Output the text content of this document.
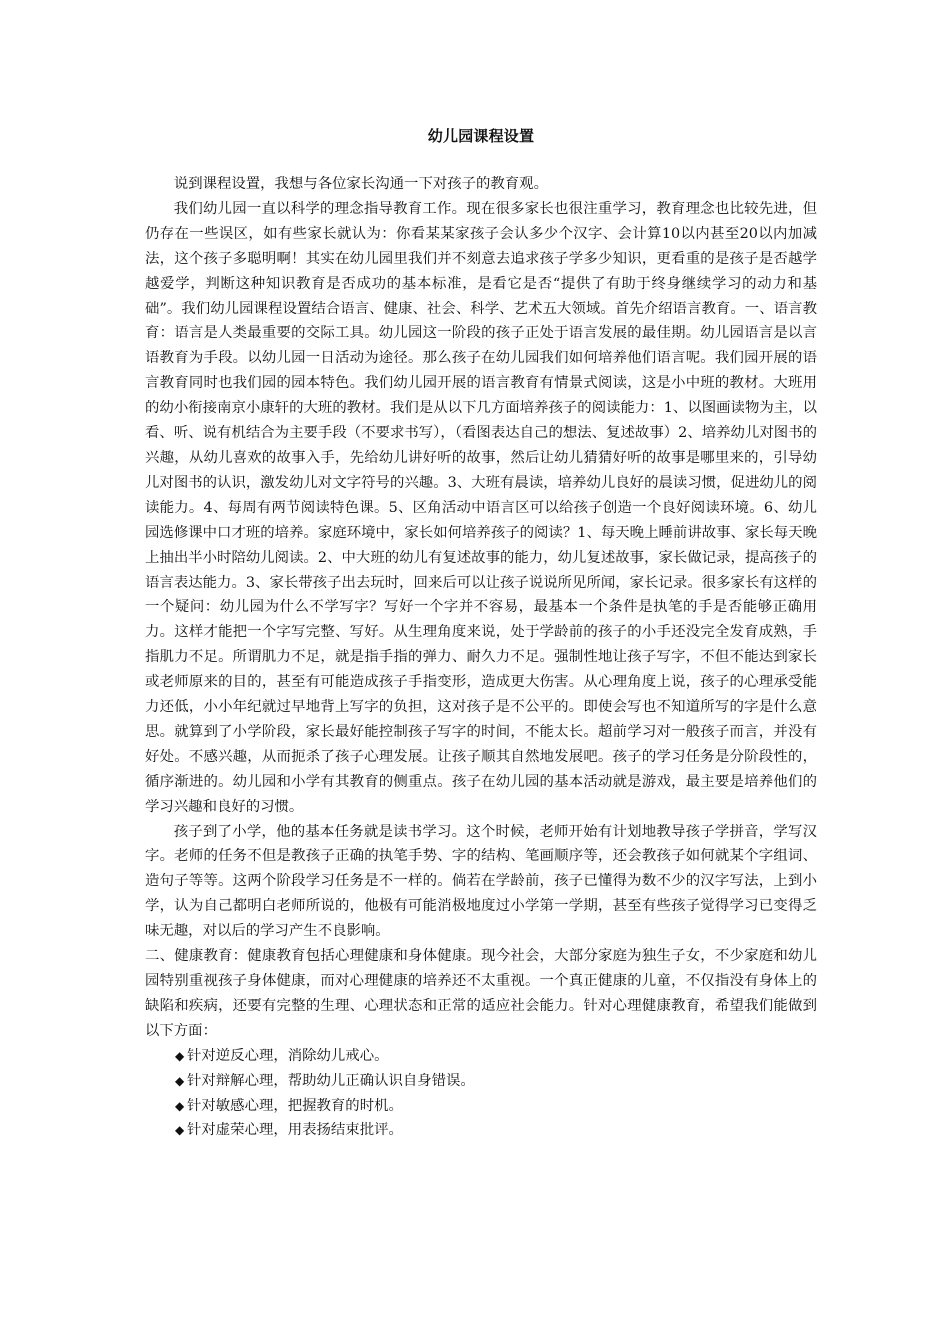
幼儿园课程设置

说到课程设置，我想与各位家长沟通一下对孩子的教育观。

我们幼儿园一直以科学的理念指导教育工作。现在很多家长也很注重学习，教育理念也比较先进，但仍存在一些误区，如有些家长就认为：你看某某家孩子会认多少个汉字、会计算10以内甚至20以内加减法，这个孩子多聪明啊！其实在幼儿园里我们并不刻意去追求孩子学多少知识，更看重的是孩子是否越学越爱学，判断这种知识教育是否成功的基本标准，是看它是否“提供了有助于终身继续学习的动力和基础”。我们幼儿园课程设置结合语言、健康、社会、科学、艺术五大领域。首先介绍语言教育。一、语言教育：语言是人类最重要的交际工具。幼儿园这一阶段的孩子正处于语言发展的最佳期。幼儿园语言是以言语教育为手段。以幼儿园一日活动为途径。那么孩子在幼儿园我们如何培养他们语言呢。我们园开展的语言教育同时也我们园的园本特色。我们幼儿园开展的语言教育有情景式阅读，这是小中班的教材。大班用的幼小衔接南京小康轩的大班的教材。我们是从以下几方面培养孩子的阅读能力：1、以图画读物为主，以看、听、说有机结合为主要手段（不要求书写），（看图表达自己的想法、复述故事）2、培养幼儿对图书的兴趣，从幼儿喜欢的故事入手，先给幼儿讲好听的故事，然后让幼儿猜猜好听的故事是哪里来的，引导幼儿对图书的认识，激发幼儿对文字符号的兴趣。3、大班有晨读，培养幼儿良好的晨读习惯，促进幼儿的阅读能力。4、每周有两节阅读特色课。5、区角活动中语言区可以给孩子创造一个良好阅读环境。6、幼儿园选修课中口才班的培养。家庭环境中，家长如何培养孩子的阅读？1、每天晚上睡前讲故事、家长每天晚上抽出半小时陪幼儿阅读。2、中大班的幼儿有复述故事的能力，幼儿复述故事，家长做记录，提高孩子的语言表达能力。3、家长带孩子出去玩时，回来后可以让孩子说说所见所闻，家长记录。很多家长有这样的一个疑问：幼儿园为什么不学写字？写好一个字并不容易，最基本一个条件是执笔的手是否能够正确用力。这样才能把一个字写完整、写好。从生理角度来说，处于学龄前的孩子的小手还没完全发育成熟，手指肌力不足。所谓肌力不足，就是指手指的弹力、耐久力不足。强制性地让孩子写字，不但不能达到家长或老师原来的目的，甚至有可能造成孩子手指变形，造成更大伤害。从心理角度上说，孩子的心理承受能力还低，小小年纪就过早地背上写字的负担，这对孩子是不公平的。即使会写也不知道所写的字是什么意思。就算到了小学阶段，家长最好能控制孩子写字的时间，不能太长。超前学习对一般孩子而言，并没有好处。不感兴趣，从而扼杀了孩子心理发展。让孩子顺其自然地发展吧。孩子的学习任务是分阶段性的，循序渐进的。幼儿园和小学有其教育的侧重点。孩子在幼儿园的基本活动就是游戏，最主要是培养他们的学习兴趣和良好的习惯。

孩子到了小学，他的基本任务就是读书学习。这个时候，老师开始有计划地教导孩子学拼音，学写汉字。老师的任务不但是教孩子正确的执笔手势、字的结构、笔画顺序等，还会教孩子如何就某个字组词、造句子等等。这两个阶段学习任务是不一样的。倘若在学龄前，孩子已懂得为数不少的汉字写法，上到小学，认为自己都明白老师所说的，他极有可能消极地度过小学第一学期，甚至有些孩子觉得学习已变得乏味无趣，对以后的学习产生不良影响。

二、健康教育：健康教育包括心理健康和身体健康。现今社会，大部分家庭为独生子女，不少家庭和幼儿园特别重视孩子身体健康，而对心理健康的培养还不太重视。一个真正健康的儿童，不仅指没有身体上的缺陷和疾病，还要有完整的生理、心理状态和正常的适应社会能力。针对心理健康教育，希望我们能做到以下方面：

◆ 针对逆反心理，消除幼儿戒心。
◆ 针对辩解心理，帮助幼儿正确认识自身错误。
◆ 针对敏感心理，把握教育的时机。
◆ 针对虚荣心理，用表扬结束批评。
